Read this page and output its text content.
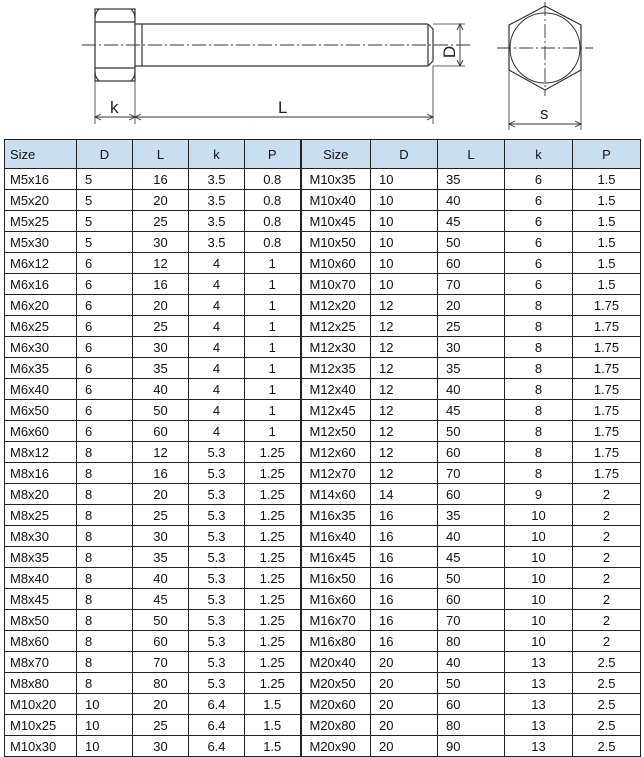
k	L
D
s
Size	D	L	k	P	Size	D	L	k	P
M5x16	5	16	3.5	0.8	M10x35	10	35	6	1.5
M5x20	5	20	3.5	0.8	M10x40	10	40	6	1.5
M5x25	5	25	3.5	0.8	M10x45	10	45	6	1.5
M5x30	5	30	3.5	0.8	M10x50	10	50	6	1.5
M6x12	6	12	4	1	M10x60	10	60	6	1.5
M6x16	6	16	4	1	M10x70	10	70	6	1.5
M6x20	6	20	4	1	M12x20	12	20	8	1.75
M6x25	6	25	4	1	M12x25	12	25	8	1.75
M6x30	6	30	4	1	M12x30	12	30	8	1.75
M6x35	6	35	4	1	M12x35	12	35	8	1.75
M6x40	6	40	4	1	M12x40	12	40	8	1.75
M6x50	6	50	4	1	M12x45	12	45	8	1.75
M6x60	6	60	4	1	M12x50	12	50	8	1.75
M8x12	8	12	5.3	1.25	M12x60	12	60	8	1.75
M8x16	8	16	5.3	1.25	M12x70	12	70	8	1.75
M8x20	8	20	5.3	1.25	M14x60	14	60	9	2
M8x25	8	25	5.3	1.25	M16x35	16	35	10	2
M8x30	8	30	5.3	1.25	M16x40	16	40	10	2
M8x35	8	35	5.3	1.25	M16x45	16	45	10	2
M8x40	8	40	5.3	1.25	M16x50	16	50	10	2
M8x45	8	45	5.3	1.25	M16x60	16	60	10	2
M8x50	8	50	5.3	1.25	M16x70	16	70	10	2
M8x60	8	60	5.3	1.25	M16x80	16	80	10	2
M8x70	8	70	5.3	1.25	M20x40	20	40	13	2.5
M8x80	8	80	5.3	1.25	M20x50	20	50	13	2.5
M10x20	10	20	6.4	1.5	M20x60	20	60	13	2.5
M10x25	10	25	6.4	1.5	M20x80	20	80	13	2.5
M10x30	10	30	6.4	1.5	M20x90	20	90	13	2.5
